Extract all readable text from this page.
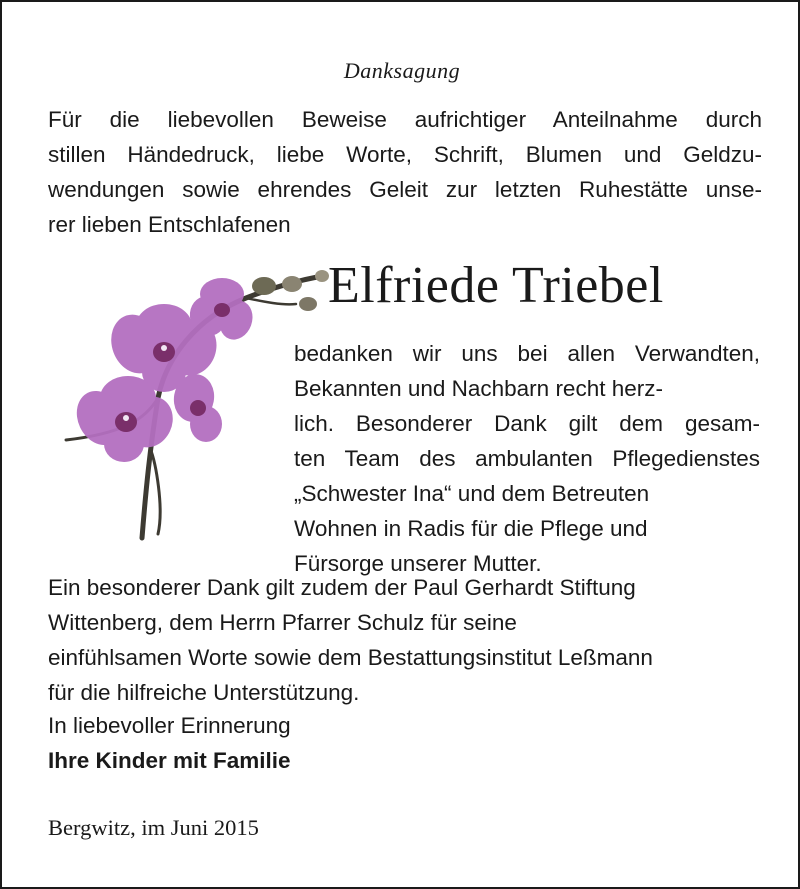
Danksagung
Für die liebevollen Beweise aufrichtiger Anteilnahme durch
stillen Händedruck, liebe Worte, Schrift, Blumen und Geldzu-
wendungen sowie ehrendes Geleit zur letzten Ruhestätte unse-
rer lieben Entschlafenen
Elfriede Triebel
bedanken wir uns bei allen Verwandten,
Bekannten und Nachbarn recht herz-
lich. Besonderer Dank gilt dem gesam-
ten Team des ambulanten Pflegedienstes
„Schwester Ina“ und dem Betreuten
Wohnen in Radis für die Pflege und
Fürsorge unserer Mutter.
Ein besonderer Dank gilt zudem der Paul Gerhardt Stiftung
Wittenberg, dem Herrn Pfarrer Schulz für seine
einfühlsamen Worte sowie dem Bestattungsinstitut Leßmann
für die hilfreiche Unterstützung.
In liebevoller Erinnerung
Ihre Kinder mit Familie
Bergwitz, im Juni 2015
